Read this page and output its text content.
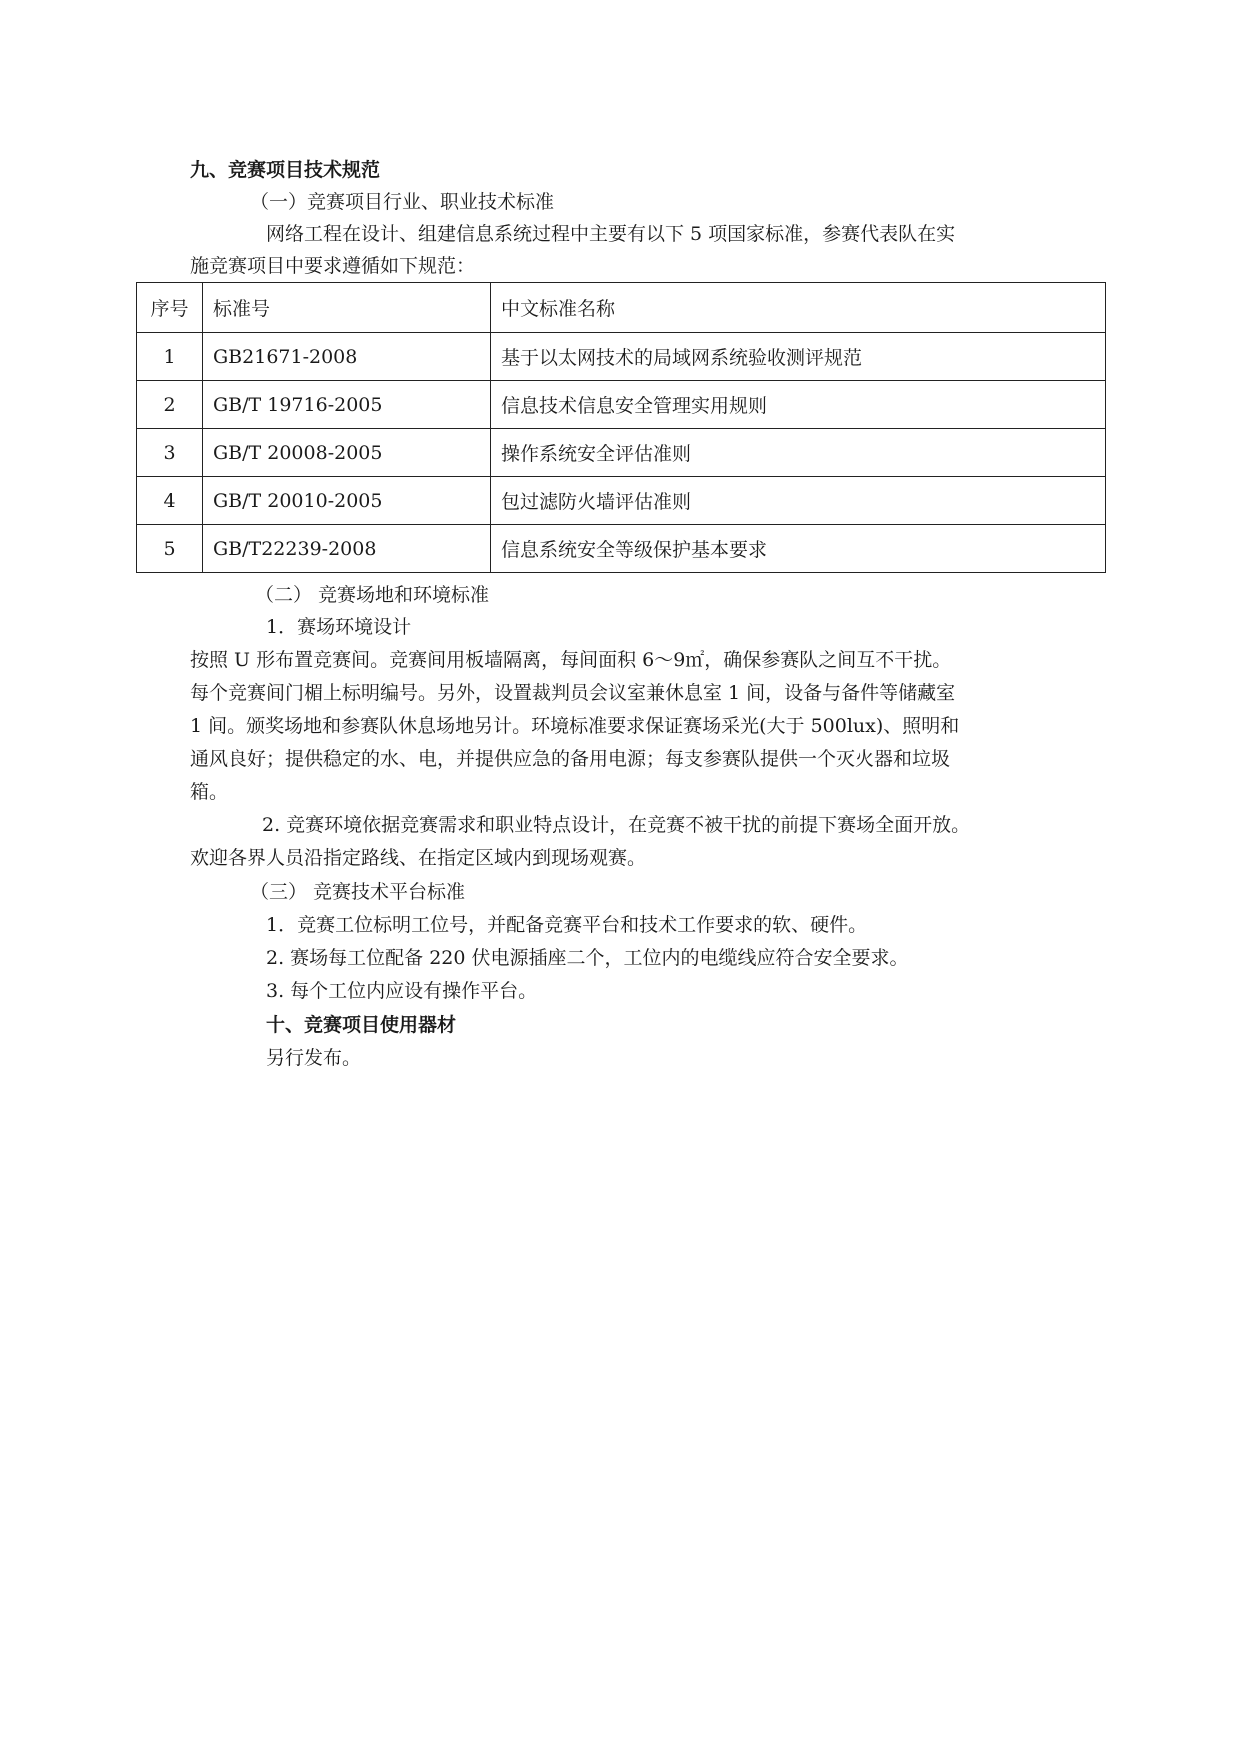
九、竞赛项目技术规范
（一）竞赛项目行业、职业技术标准
网络工程在设计、组建信息系统过程中主要有以下 5 项国家标准，参赛代表队在实
施竞赛项目中要求遵循如下规范：
序号	标准号	中文标准名称
1	GB21671-2008	基于以太网技术的局域网系统验收测评规范
2	GB/T 19716-2005	信息技术信息安全管理实用规则
3	GB/T 20008-2005	操作系统安全评估准则
4	GB/T 20010-2005	包过滤防火墙评估准则
5	GB/T22239-2008	信息系统安全等级保护基本要求
（二） 竞赛场地和环境标准
1．赛场环境设计
按照 U 形布置竞赛间。竞赛间用板墙隔离，每间面积 6～9㎡，确保参赛队之间互不干扰。
每个竞赛间门楣上标明编号。另外，设置裁判员会议室兼休息室 1 间，设备与备件等储藏室
1 间。颁奖场地和参赛队休息场地另计。环境标准要求保证赛场采光(大于 500lux)、照明和
通风良好；提供稳定的水、电，并提供应急的备用电源；每支参赛队提供一个灭火器和垃圾
箱。
2. 竞赛环境依据竞赛需求和职业特点设计，在竞赛不被干扰的前提下赛场全面开放。
欢迎各界人员沿指定路线、在指定区域内到现场观赛。
（三） 竞赛技术平台标准
1．竞赛工位标明工位号，并配备竞赛平台和技术工作要求的软、硬件。
2. 赛场每工位配备 220 伏电源插座二个，工位内的电缆线应符合安全要求。
3. 每个工位内应设有操作平台。
十、竞赛项目使用器材
另行发布。
